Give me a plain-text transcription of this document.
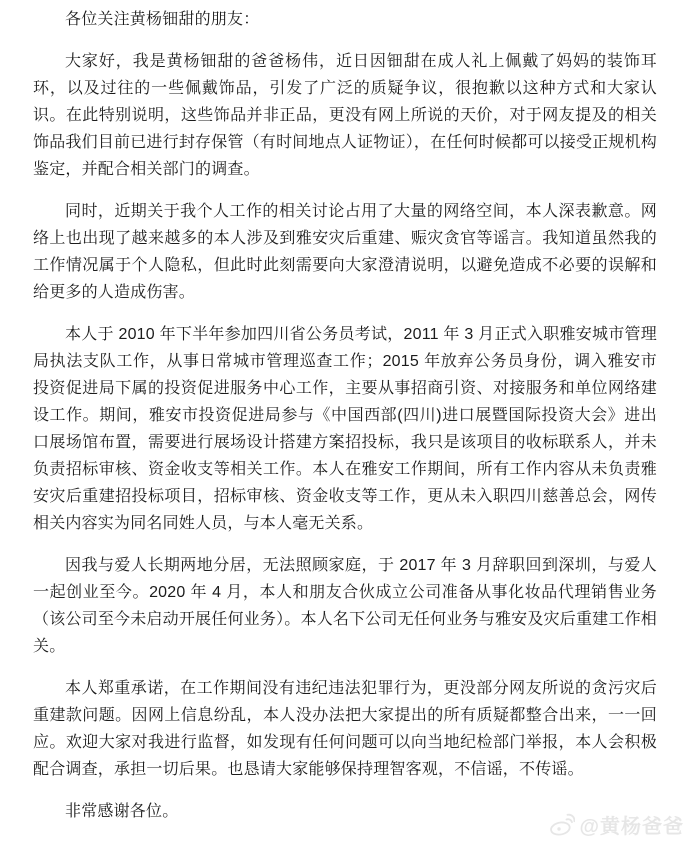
各位关注黄杨钿甜的朋友：

大家好，我是黄杨钿甜的爸爸杨伟，近日因钿甜在成人礼上佩戴了妈妈的装饰耳环，以及过往的一些佩戴饰品，引发了广泛的质疑争议，很抱歉以这种方式和大家认识。在此特别说明，这些饰品并非正品，更没有网上所说的天价，对于网友提及的相关饰品我们目前已进行封存保管（有时间地点人证物证），在任何时候都可以接受正规机构鉴定，并配合相关部门的调查。

同时，近期关于我个人工作的相关讨论占用了大量的网络空间，本人深表歉意。网络上也出现了越来越多的本人涉及到雅安灾后重建、赈灾贪官等谣言。我知道虽然我的工作情况属于个人隐私，但此时此刻需要向大家澄清说明，以避免造成不必要的误解和给更多的人造成伤害。

本人于 2010 年下半年参加四川省公务员考试，2011 年 3 月正式入职雅安城市管理局执法支队工作，从事日常城市管理巡查工作；2015 年放弃公务员身份，调入雅安市投资促进局下属的投资促进服务中心工作，主要从事招商引资、对接服务和单位网络建设工作。期间，雅安市投资促进局参与《中国西部(四川)进口展暨国际投资大会》进出口展场馆布置，需要进行展场设计搭建方案招投标，我只是该项目的收标联系人，并未负责招标审核、资金收支等相关工作。本人在雅安工作期间，所有工作内容从未负责雅安灾后重建招投标项目，招标审核、资金收支等工作，更从未入职四川慈善总会，网传相关内容实为同名同姓人员，与本人毫无关系。

因我与爱人长期两地分居，无法照顾家庭，于 2017 年 3 月辞职回到深圳，与爱人一起创业至今。2020 年 4 月，本人和朋友合伙成立公司准备从事化妆品代理销售业务（该公司至今未启动开展任何业务）。本人名下公司无任何业务与雅安及灾后重建工作相关。

本人郑重承诺，在工作期间没有违纪违法犯罪行为，更没部分网友所说的贪污灾后重建款问题。因网上信息纷乱，本人没办法把大家提出的所有质疑都整合出来，一一回应。欢迎大家对我进行监督，如发现有任何问题可以向当地纪检部门举报，本人会积极配合调查，承担一切后果。也恳请大家能够保持理智客观，不信谣，不传谣。

非常感谢各位。

@黄杨爸爸
